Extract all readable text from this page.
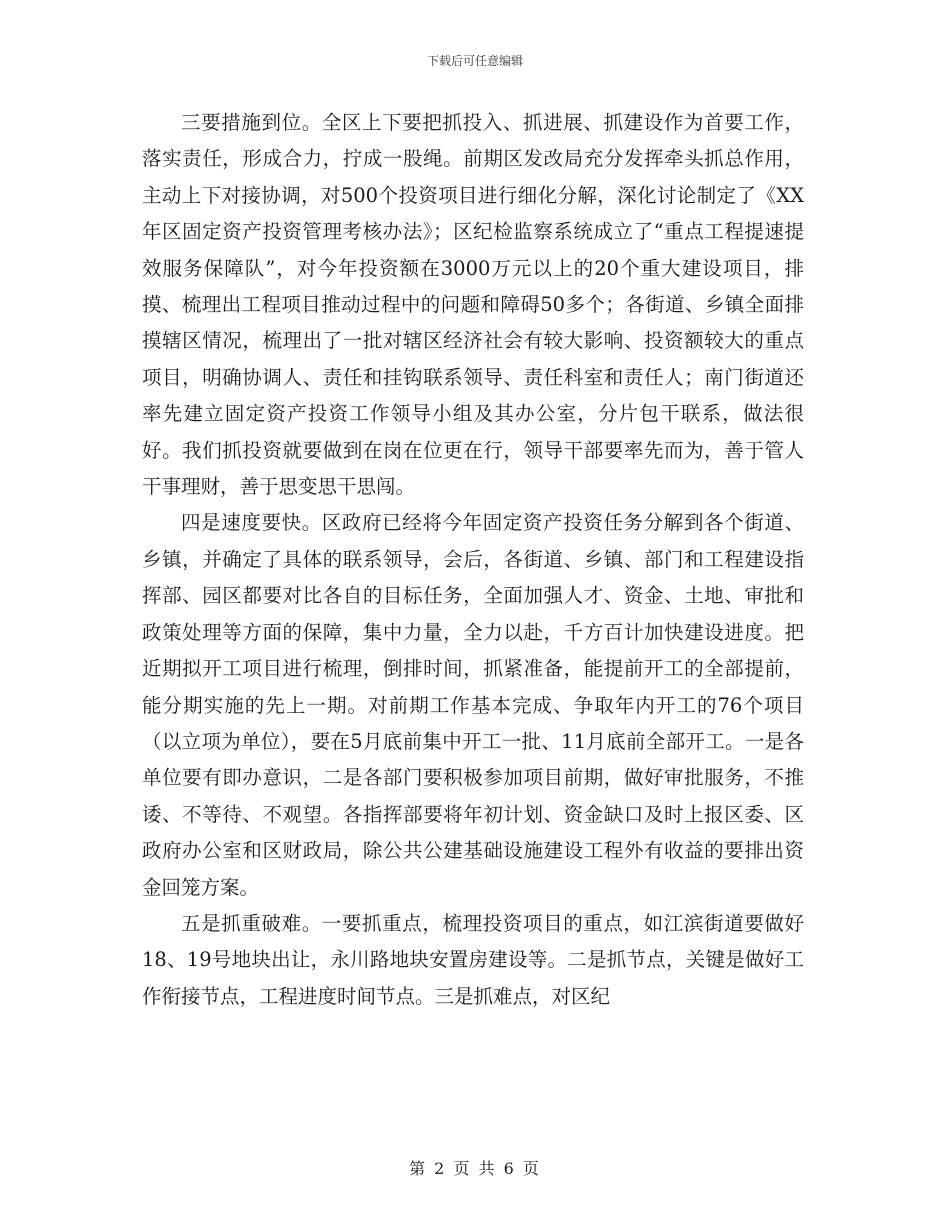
下载后可任意编辑

三要措施到位。全区上下要把抓投入、抓进展、抓建设作为首要工作，落实责任，形成合力，拧成一股绳。前期区发改局充分发挥牵头抓总作用，主动上下对接协调，对500个投资项目进行细化分解，深化讨论制定了《XX年区固定资产投资管理考核办法》；区纪检监察系统成立了“重点工程提速提效服务保障队”，对今年投资额在3000万元以上的20个重大建设项目，排摸、梳理出工程项目推动过程中的问题和障碍50多个；各街道、乡镇全面排摸辖区情况，梳理出了一批对辖区经济社会有较大影响、投资额较大的重点项目，明确协调人、责任和挂钩联系领导、责任科室和责任人；南门街道还率先建立固定资产投资工作领导小组及其办公室，分片包干联系，做法很好。我们抓投资就要做到在岗在位更在行，领导干部要率先而为，善于管人干事理财，善于思变思干思闯。

四是速度要快。区政府已经将今年固定资产投资任务分解到各个街道、乡镇，并确定了具体的联系领导，会后，各街道、乡镇、部门和工程建设指挥部、园区都要对比各自的目标任务，全面加强人才、资金、土地、审批和政策处理等方面的保障，集中力量，全力以赴，千方百计加快建设进度。把近期拟开工项目进行梳理，倒排时间，抓紧准备，能提前开工的全部提前，能分期实施的先上一期。对前期工作基本完成、争取年内开工的76个项目（以立项为单位），要在5月底前集中开工一批、11月底前全部开工。一是各单位要有即办意识，二是各部门要积极参加项目前期，做好审批服务，不推诿、不等待、不观望。各指挥部要将年初计划、资金缺口及时上报区委、区政府办公室和区财政局，除公共公建基础设施建设工程外有收益的要排出资金回笼方案。

五是抓重破难。一要抓重点，梳理投资项目的重点，如江滨街道要做好18、19号地块出让，永川路地块安置房建设等。二是抓节点，关键是做好工作衔接节点，工程进度时间节点。三是抓难点，对区纪

第 2 页 共 6 页
